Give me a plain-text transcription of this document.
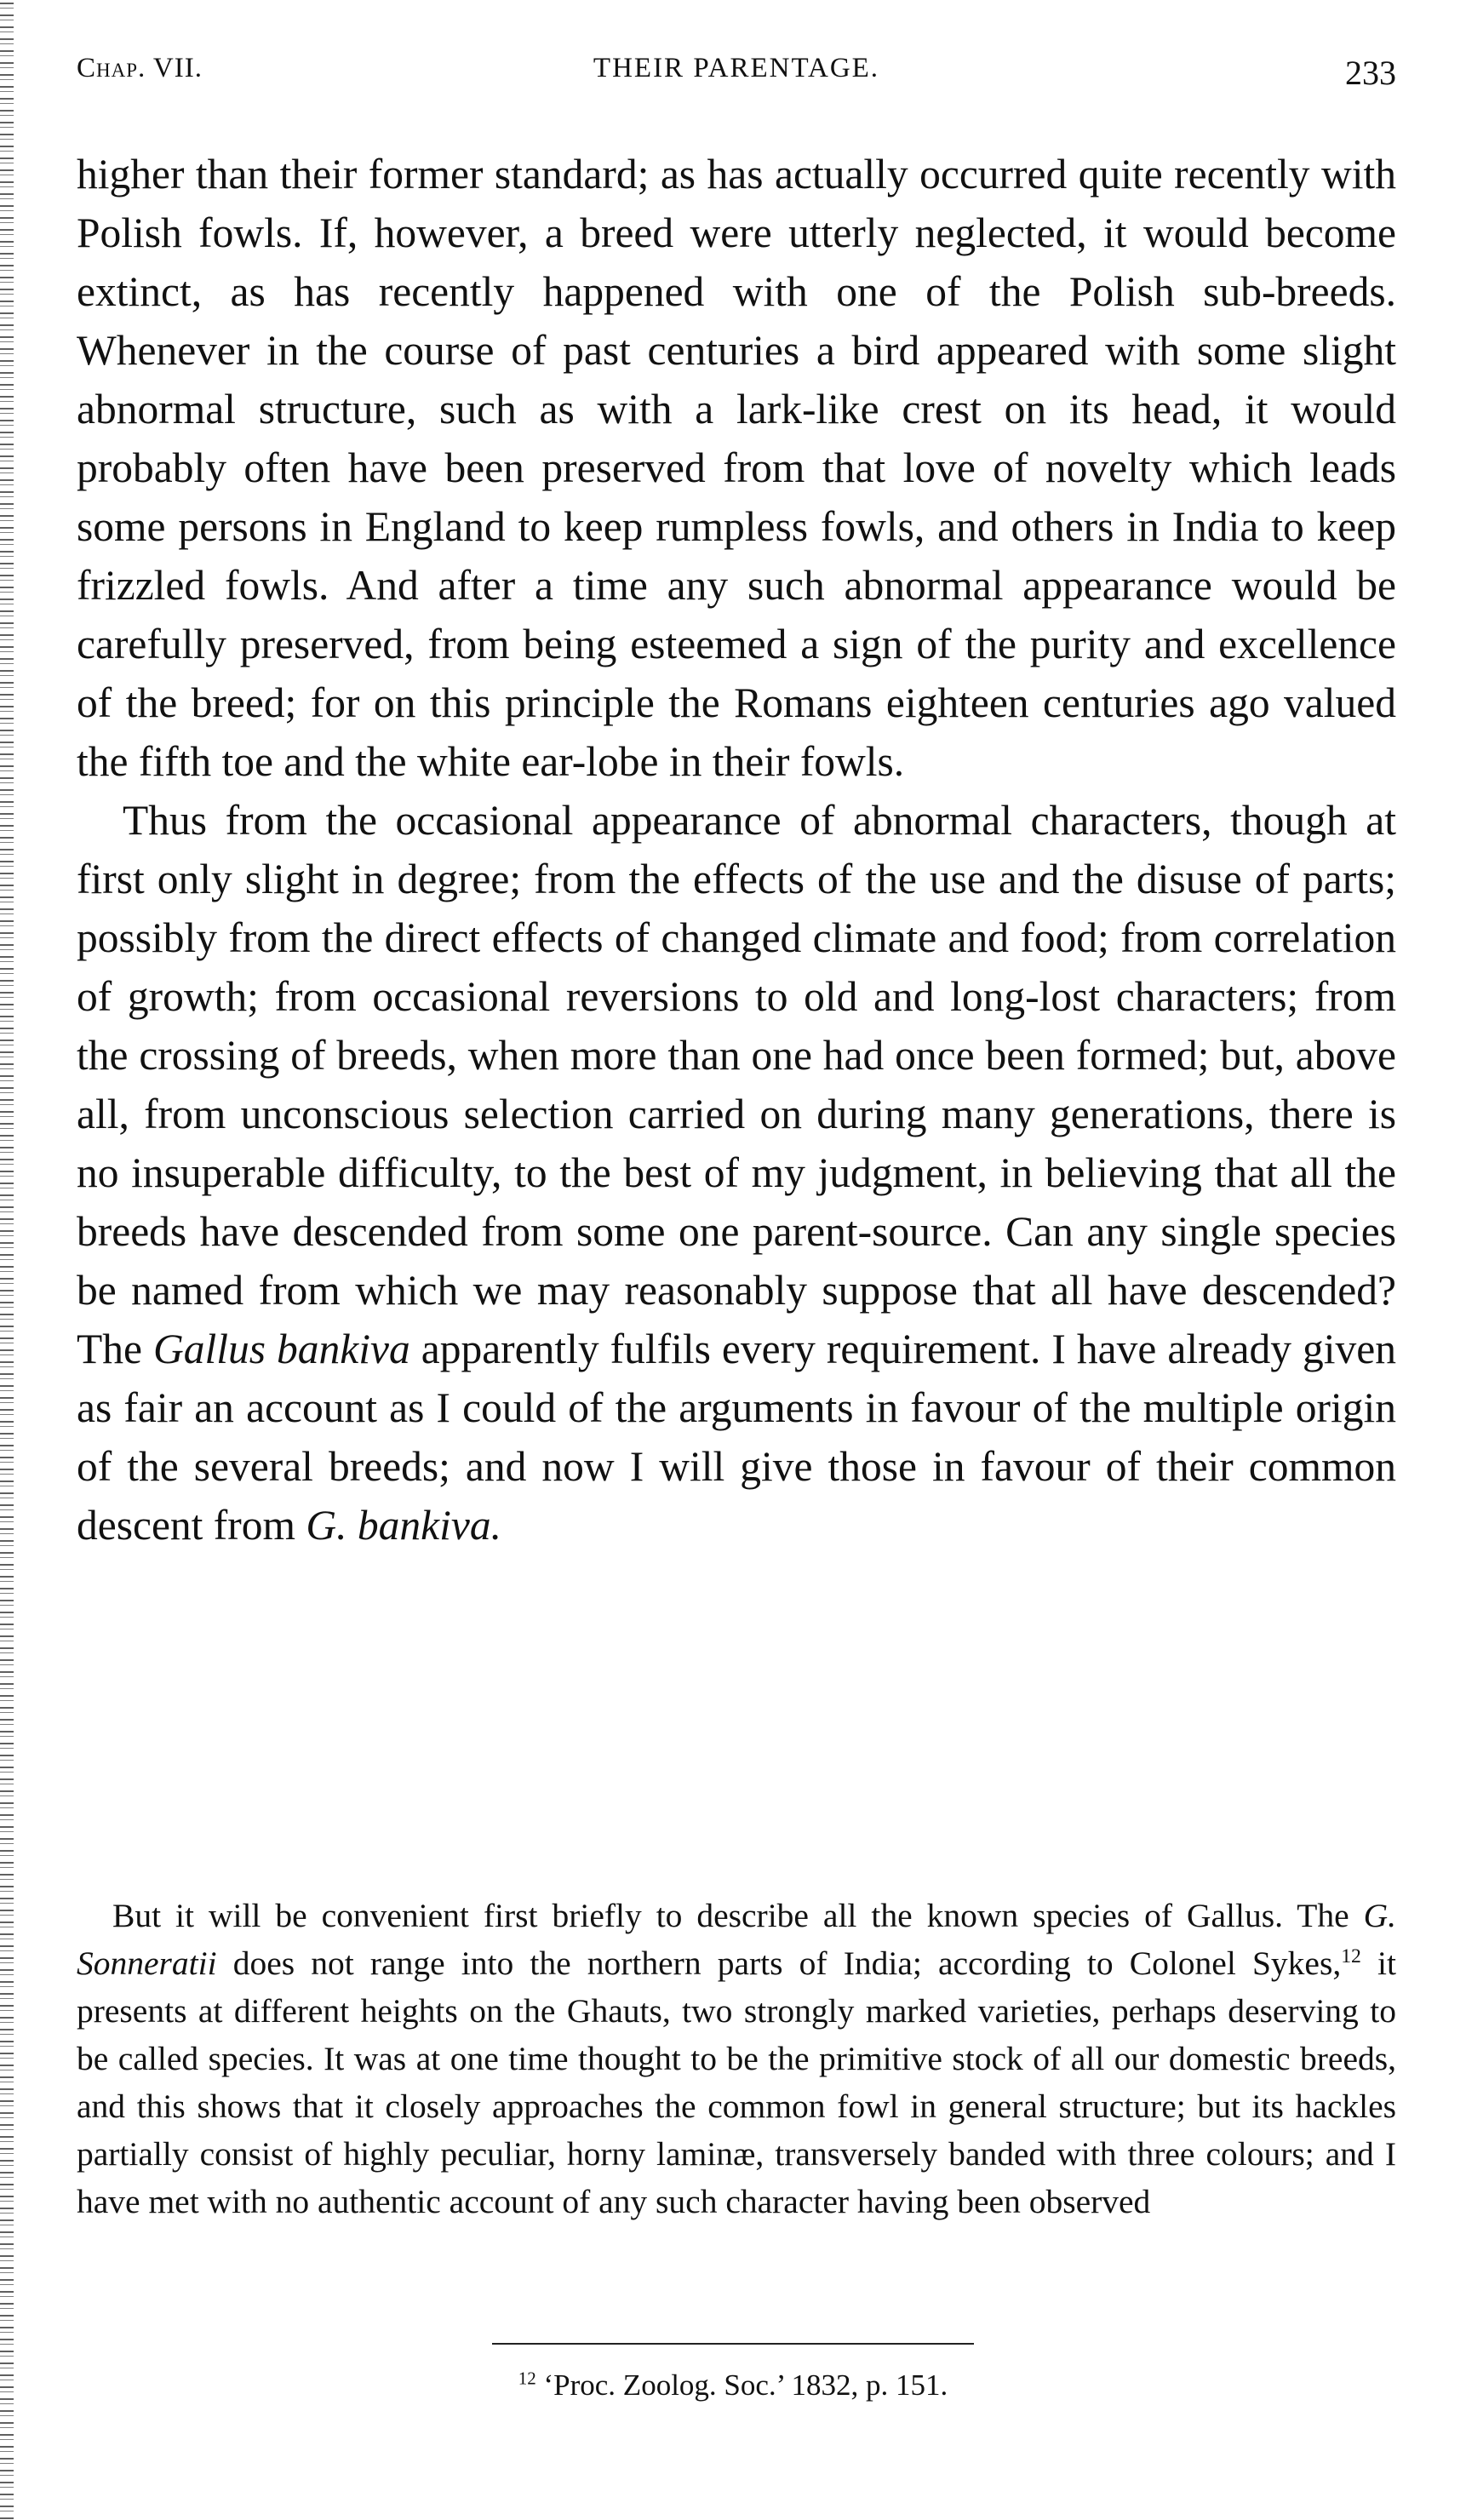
Chap. VII.	THEIR PARENTAGE.	233

higher than their former standard; as has actually occurred quite recently with Polish fowls. If, however, a breed were utterly neglected, it would become extinct, as has recently happened with one of the Polish sub-breeds. Whenever in the course of past centuries a bird appeared with some slight abnormal structure, such as with a lark-like crest on its head, it would probably often have been preserved from that love of novelty which leads some persons in England to keep rumpless fowls, and others in India to keep frizzled fowls. And after a time any such abnormal appearance would be carefully preserved, from being esteemed a sign of the purity and excellence of the breed; for on this principle the Romans eighteen centuries ago valued the fifth toe and the white ear-lobe in their fowls.

Thus from the occasional appearance of abnormal characters, though at first only slight in degree; from the effects of the use and the disuse of parts; possibly from the direct effects of changed climate and food; from correlation of growth; from occasional reversions to old and long-lost characters; from the crossing of breeds, when more than one had once been formed; but, above all, from unconscious selection carried on during many generations, there is no insuperable difficulty, to the best of my judgment, in believing that all the breeds have descended from some one parent-source. Can any single species be named from which we may reasonably suppose that all have descended? The Gallus bankiva apparently fulfils every requirement. I have already given as fair an account as I could of the arguments in favour of the multiple origin of the several breeds; and now I will give those in favour of their common descent from G. bankiva.

But it will be convenient first briefly to describe all the known species of Gallus. The G. Sonneratii does not range into the northern parts of India; according to Colonel Sykes,$^{12}$ it presents at different heights on the Ghauts, two strongly marked varieties, perhaps deserving to be called species. It was at one time thought to be the primitive stock of all our domestic breeds, and this shows that it closely approaches the common fowl in general structure; but its hackles partially consist of highly peculiar, horny laminæ, transversely banded with three colours; and I have met with no authentic account of any such character having been observed

$^{12}$ ‘Proc. Zoolog. Soc.’ 1832, p. 151.
